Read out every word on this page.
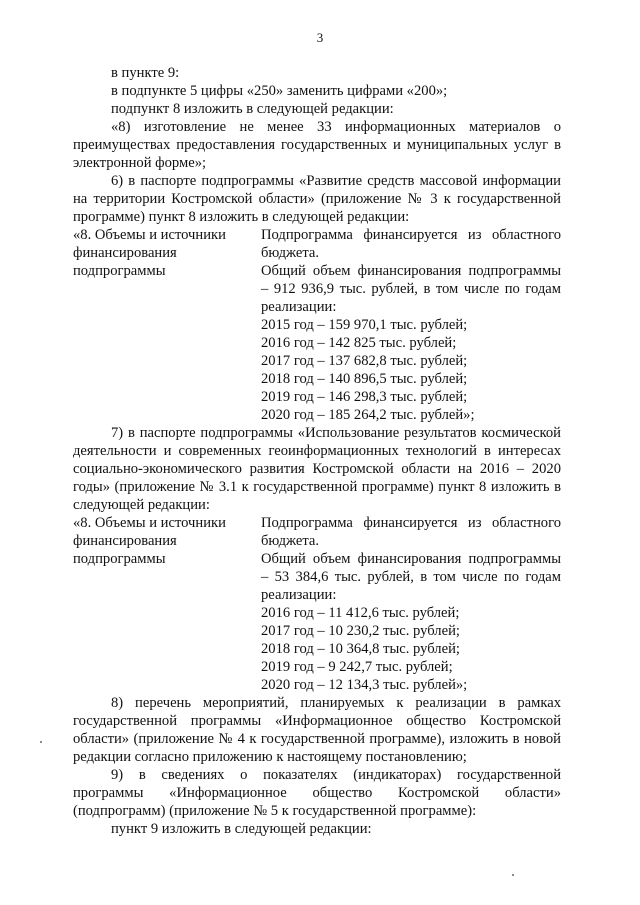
3
в пункте 9:
в подпункте 5 цифры «250» заменить цифрами «200»;
подпункт 8 изложить в следующей редакции:
«8) изготовление не менее 33 информационных материалов о преимуществах предоставления государственных и муниципальных услуг в электронной форме»;
6) в паспорте подпрограммы «Развитие средств массовой информации на территории Костромской области» (приложение № 3 к государственной программе) пункт 8 изложить в следующей редакции:
«8. Объемы и источники
финансирования
подпрограммы
Подпрограмма финансируется из областного бюджета.
Общий объем финансирования подпрограммы – 912 936,9 тыс. рублей, в том числе по годам реализации:
2015 год – 159 970,1 тыс. рублей;
2016 год – 142 825 тыс. рублей;
2017 год – 137 682,8 тыс. рублей;
2018 год – 140 896,5 тыс. рублей;
2019 год – 146 298,3 тыс. рублей;
2020 год – 185 264,2 тыс. рублей»;
7) в паспорте подпрограммы «Использование результатов космической деятельности и современных геоинформационных технологий в интересах социально-экономического развития Костромской области на 2016 – 2020 годы» (приложение № 3.1 к государственной программе) пункт 8 изложить в следующей редакции:
«8. Объемы и источники
финансирования
подпрограммы
Подпрограмма финансируется из областного бюджета.
Общий объем финансирования подпрограммы – 53 384,6 тыс. рублей, в том числе по годам реализации:
2016 год – 11 412,6 тыс. рублей;
2017 год – 10 230,2 тыс. рублей;
2018 год – 10 364,8 тыс. рублей;
2019 год – 9 242,7 тыс. рублей;
2020 год – 12 134,3 тыс. рублей»;
8) перечень мероприятий, планируемых к реализации в рамках государственной программы «Информационное общество Костромской области» (приложение № 4 к государственной программе), изложить в новой редакции согласно приложению к настоящему постановлению;
9) в сведениях о показателях (индикаторах) государственной программы «Информационное общество Костромской области» (подпрограмм) (приложение № 5 к государственной программе):
пункт 9 изложить в следующей редакции:
